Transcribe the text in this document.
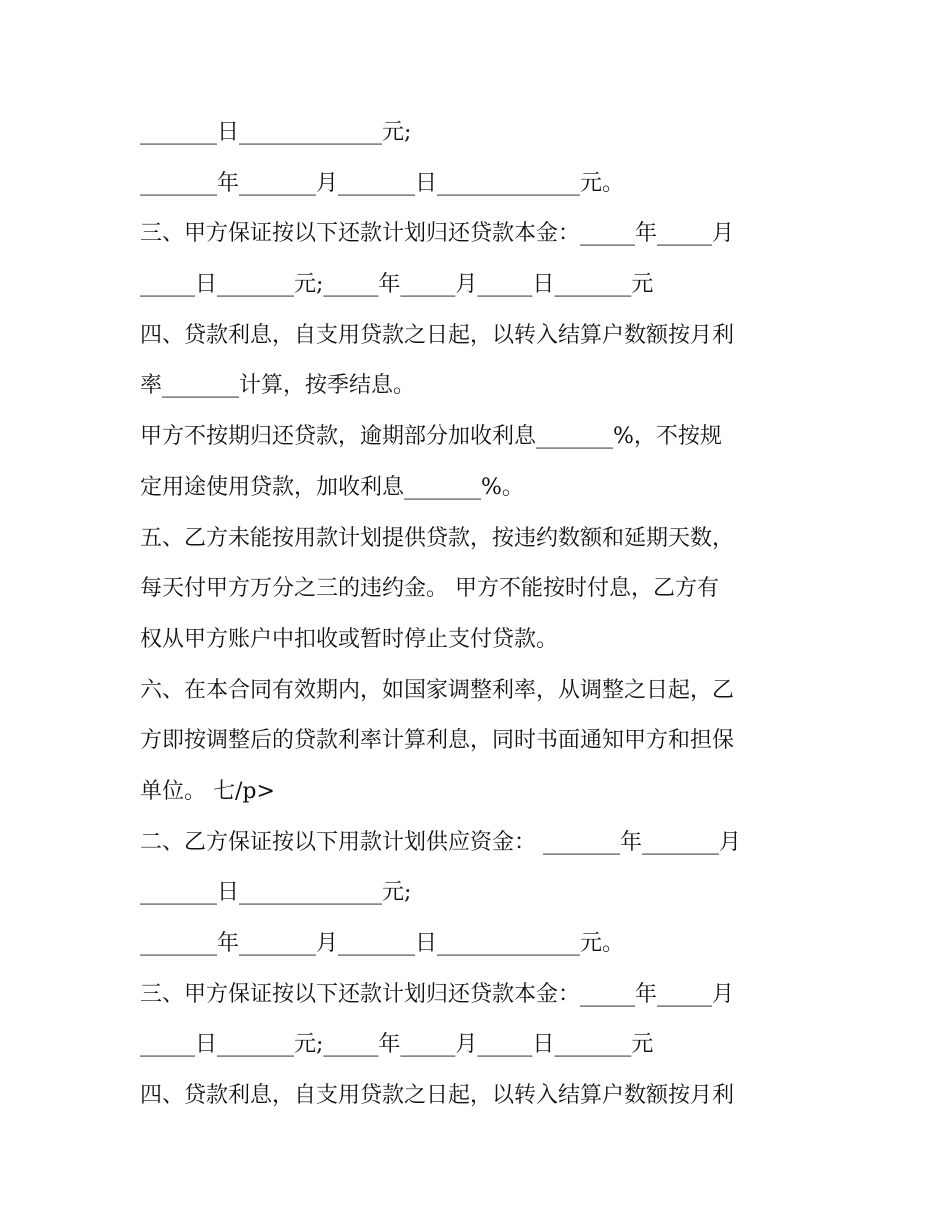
_______日_____________元;
_______年_______月_______日_____________元。
三、甲方保证按以下还款计划归还贷款本金：_____年_____月
_____日_______元;_____年_____月_____日_______元
四、贷款利息，自支用贷款之日起，以转入结算户数额按月利
率_______计算，按季结息。
甲方不按期归还贷款，逾期部分加收利息_______%，不按规
定用途使用贷款，加收利息_______%。
五、乙方未能按用款计划提供贷款，按违约数额和延期天数，
每天付甲方万分之三的违约金。 甲方不能按时付息，乙方有
权从甲方账户中扣收或暂时停止支付贷款。
六、在本合同有效期内，如国家调整利率，从调整之日起，乙
方即按调整后的贷款利率计算利息，同时书面通知甲方和担保
单位。 七/p>
二、乙方保证按以下用款计划供应资金： _______年_______月
_______日_____________元;
_______年_______月_______日_____________元。
三、甲方保证按以下还款计划归还贷款本金：_____年_____月
_____日_______元;_____年_____月_____日_______元
四、贷款利息，自支用贷款之日起，以转入结算户数额按月利
